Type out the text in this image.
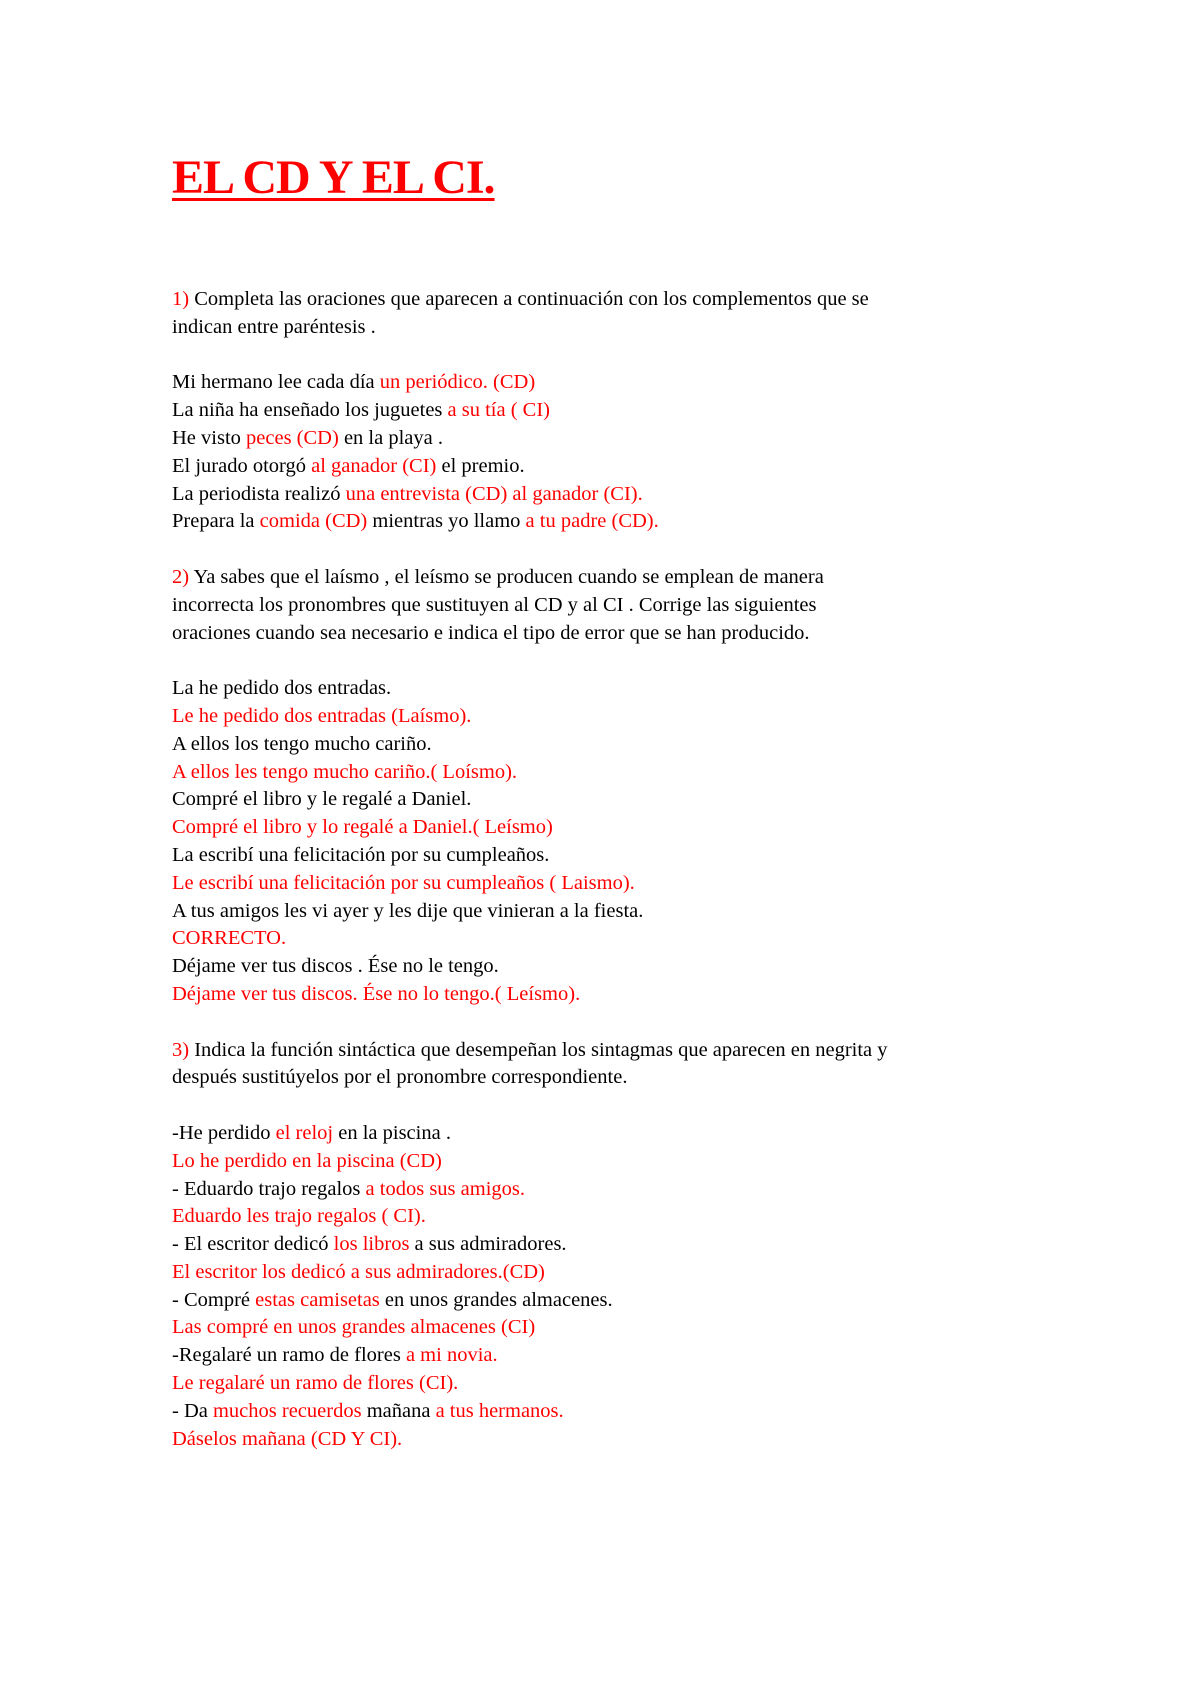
EL CD Y EL CI.
1) Completa las oraciones que aparecen a continuación con los complementos que se
indican entre paréntesis .
Mi hermano lee cada día un periódico. (CD)
La niña ha enseñado los juguetes a su tía ( CI)
He visto peces (CD) en la playa .
El jurado otorgó al ganador (CI) el premio.
La periodista realizó una entrevista (CD) al ganador (CI).
Prepara la comida (CD) mientras yo llamo a tu padre (CD).
2) Ya sabes que el laísmo , el leísmo se producen cuando se emplean de manera
incorrecta los pronombres que sustituyen al CD y al CI . Corrige las siguientes
oraciones cuando sea necesario e indica el tipo de error que se han producido.
La he pedido dos entradas.
Le he pedido dos entradas (Laísmo).
A ellos los tengo mucho cariño.
A ellos les tengo mucho cariño.( Loísmo).
Compré el libro y le regalé a Daniel.
Compré el libro y lo regalé a Daniel.( Leísmo)
La escribí una felicitación por su cumpleaños.
Le escribí una felicitación por su cumpleaños ( Laismo).
A tus amigos les vi ayer y les dije que vinieran a la fiesta.
CORRECTO.
Déjame ver tus discos . Ése no le tengo.
Déjame ver tus discos. Ése no lo tengo.( Leísmo).
3) Indica la función sintáctica que desempeñan los sintagmas que aparecen en negrita y
después sustitúyelos por el pronombre correspondiente.
-He perdido el reloj en la piscina .
Lo he perdido en la piscina (CD)
- Eduardo trajo regalos a todos sus amigos.
Eduardo les trajo regalos ( CI).
- El escritor dedicó los libros a sus admiradores.
El escritor los dedicó a sus admiradores.(CD)
- Compré estas camisetas en unos grandes almacenes.
Las compré en unos grandes almacenes (CI)
-Regalaré un ramo de flores a mi novia.
Le regalaré un ramo de flores (CI).
- Da muchos recuerdos mañana a tus hermanos.
Dáselos mañana (CD Y CI).
